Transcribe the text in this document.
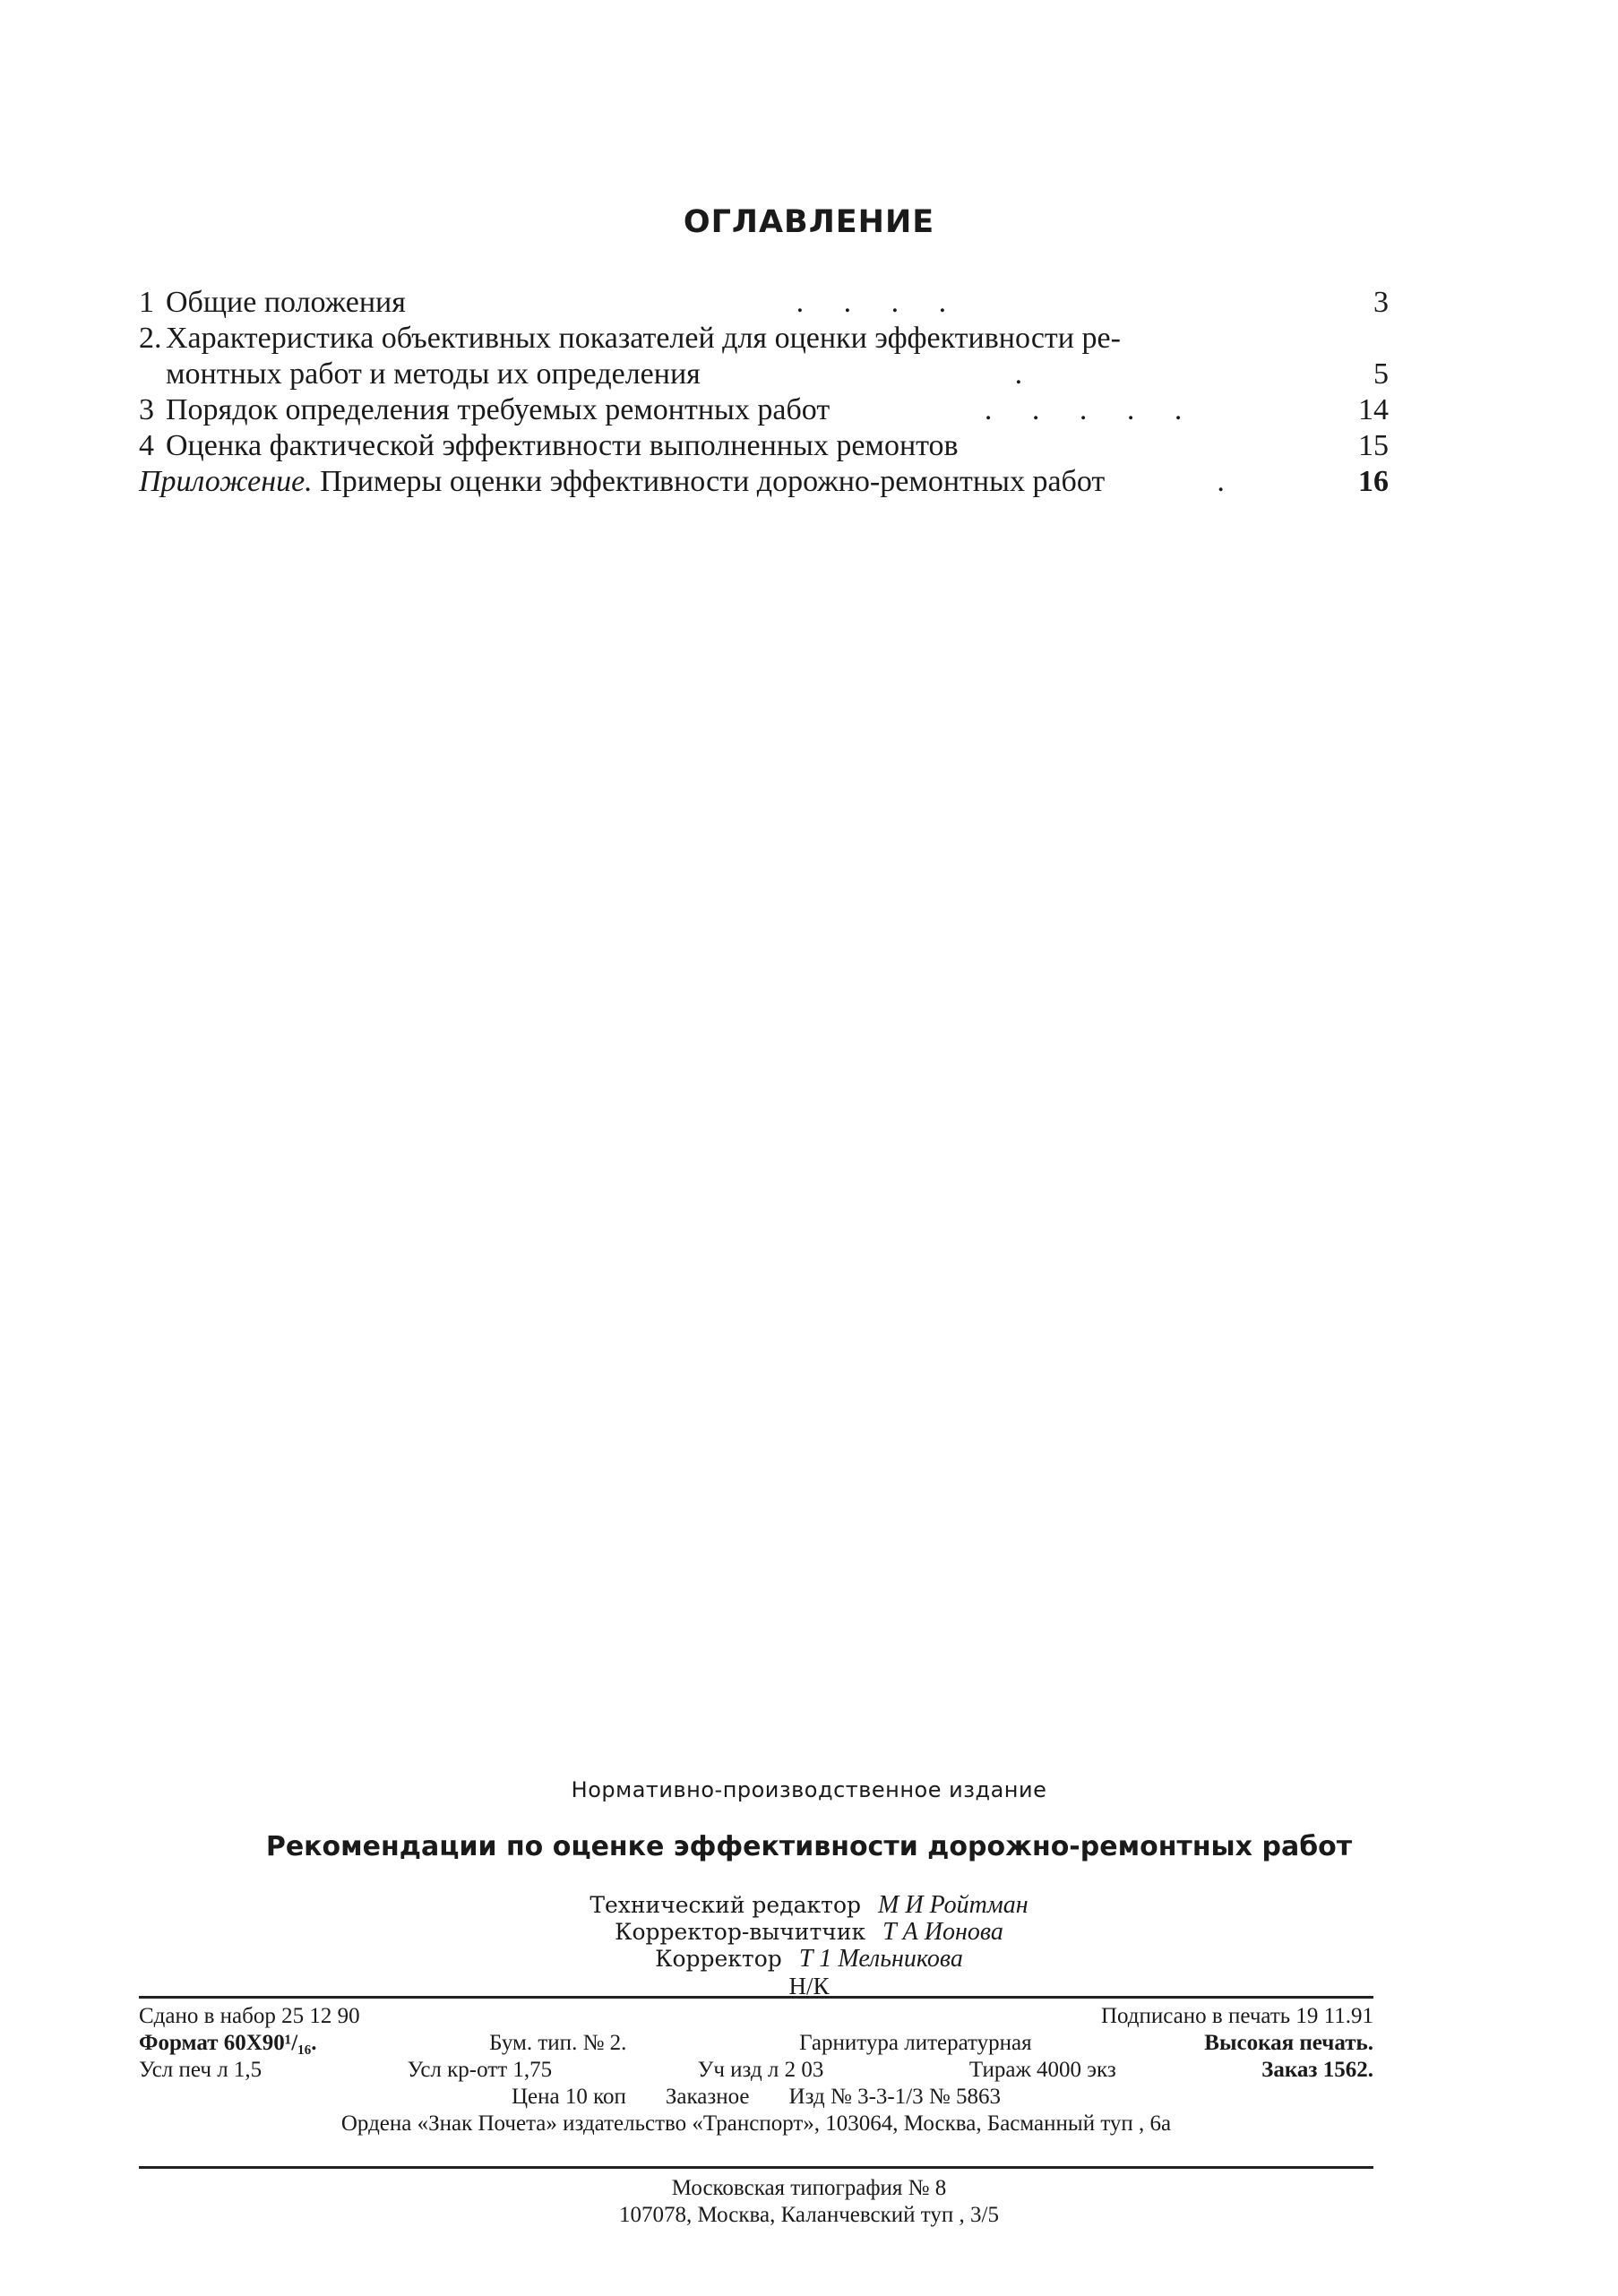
ОГЛАВЛЕНИЕ
1 Общие положения	. . . .	3
2. Характеристика объективных показателей для оценки эффективности ре-
монтных работ и методы их определения	.	5
3 Порядок определения требуемых ремонтных работ	. . . . .	14
4 Оценка фактической эффективности выполненных ремонтов	15
Приложение. Примеры оценки эффективности дорожно-ремонтных работ	.	16
Нормативно-производственное издание
Рекомендации по оценке эффективности дорожно-ремонтных работ
Технический редактор М И Ройтман
Корректор-вычитчик Т А Ионова
Корректор Т 1 Мельникова
Н/К
Сдано в набор 25 12 90	Подписано в печать 19 11.91
Формат 60Х90¹/₁₆.	Бум. тип. № 2.	Гарнитура литературная	Высокая печать.
Усл печ л 1,5	Усл кр-отт 1,75	Уч изд л 2 03	Тираж 4000 экз	Заказ 1562.
Цена 10 коп Заказное Изд № 3-3-1/3 № 5863
Ордена «Знак Почета» издательство «Транспорт», 103064, Москва, Басманный туп , 6а
Московская типография № 8
107078, Москва, Каланчевский туп , 3/5
